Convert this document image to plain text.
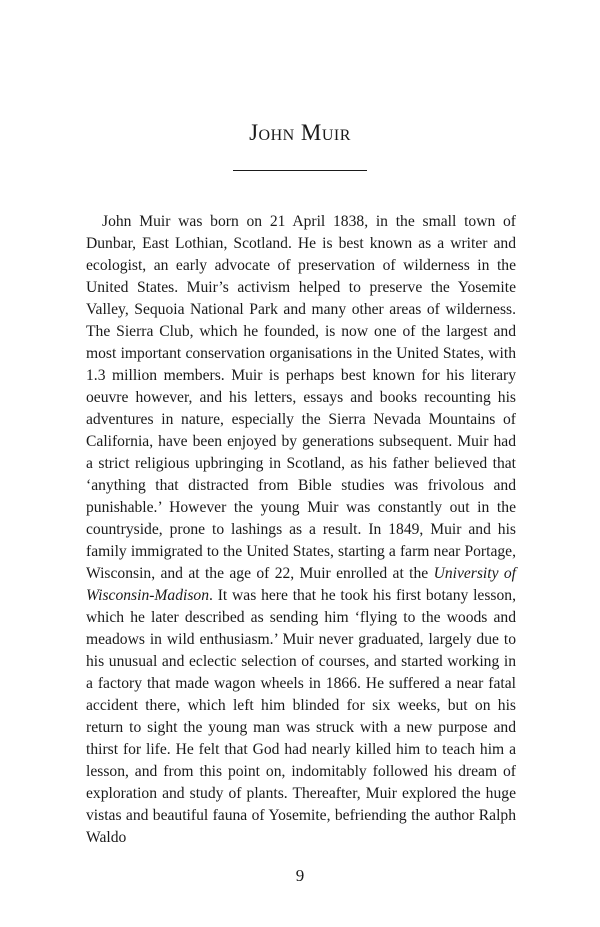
John Muir

John Muir was born on 21 April 1838, in the small town of Dunbar, East Lothian, Scotland. He is best known as a writer and ecologist, an early advocate of preservation of wilderness in the United States. Muir’s activism helped to preserve the Yosemite Valley, Sequoia National Park and many other areas of wilderness. The Sierra Club, which he founded, is now one of the largest and most important conservation organisations in the United States, with 1.3 million members. Muir is perhaps best known for his literary oeuvre however, and his letters, essays and books recounting his adventures in nature, especially the Sierra Nevada Mountains of California, have been enjoyed by generations subsequent. Muir had a strict religious upbringing in Scotland, as his father believed that ‘anything that distracted from Bible studies was frivolous and punishable.’ However the young Muir was constantly out in the countryside, prone to lashings as a result. In 1849, Muir and his family immigrated to the United States, starting a farm near Portage, Wisconsin, and at the age of 22, Muir enrolled at the University of Wisconsin-Madison. It was here that he took his first botany lesson, which he later described as sending him ‘flying to the woods and meadows in wild enthusiasm.’ Muir never graduated, largely due to his unusual and eclectic selection of courses, and started working in a factory that made wagon wheels in 1866. He suffered a near fatal accident there, which left him blinded for six weeks, but on his return to sight the young man was struck with a new purpose and thirst for life. He felt that God had nearly killed him to teach him a lesson, and from this point on, indomitably followed his dream of exploration and study of plants. Thereafter, Muir explored the huge vistas and beautiful fauna of Yosemite, befriending the author Ralph Waldo

9
